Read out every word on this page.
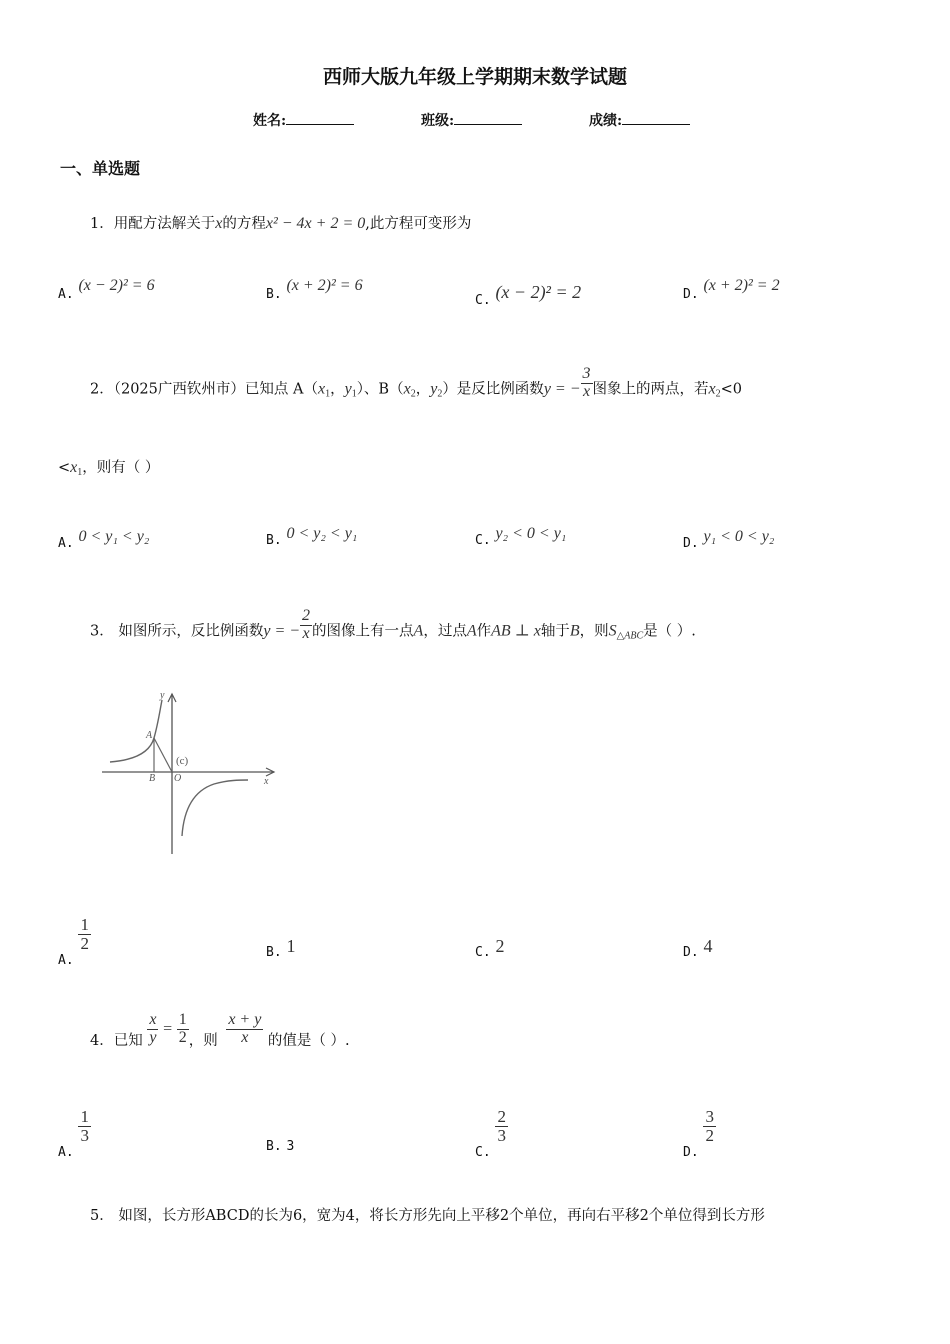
西师大版九年级上学期期末数学试题
姓名:	班级:	成绩:
一、单选题
1．用配方法解关于x的方程x² − 4x + 2 = 0,此方程可变形为
A. (x − 2)² = 6
B. (x + 2)² = 6
C. (x − 2)² = 2	D. (x + 2)² = 2
2．（2025广西钦州市）已知点 $A(x_1$，$y_1$）、$B(x_2$，$y_2$）是反比例函数y = − $\frac{3}{x}$ 图象上的两点，若$x_2<0$
$<x_1$，则有（ ）
A. 0 < y₁ < y₂	B. 0 < y₂ < y₁	C. y₂ < 0 < y₁
D. y₁ < 0 < y₂
3． 如图所示，反比例函数y = − $\frac{2}{x}$ 的图像上有一点A，过点A作AB ⊥ x轴于B，则$S_{\triangle ABC}$是（ ）.
y
x
A
B O
(c)
A.
$\frac{1}{2}$	B. 1	C. 2	D. 4
4．已知 $\frac{x}{y} = \frac{1}{2}$ ，则 $\frac{x + y}{x}$ 的值是（ ）.
A.
$\frac{1}{3}$
B. 3	C.
$\frac{2}{3}$
D.
$\frac{3}{2}$
5． 如图，长方形ABCD的长为6，宽为4，将长方形先向上平移2个单位，再向右平移2个单位得到长方形
